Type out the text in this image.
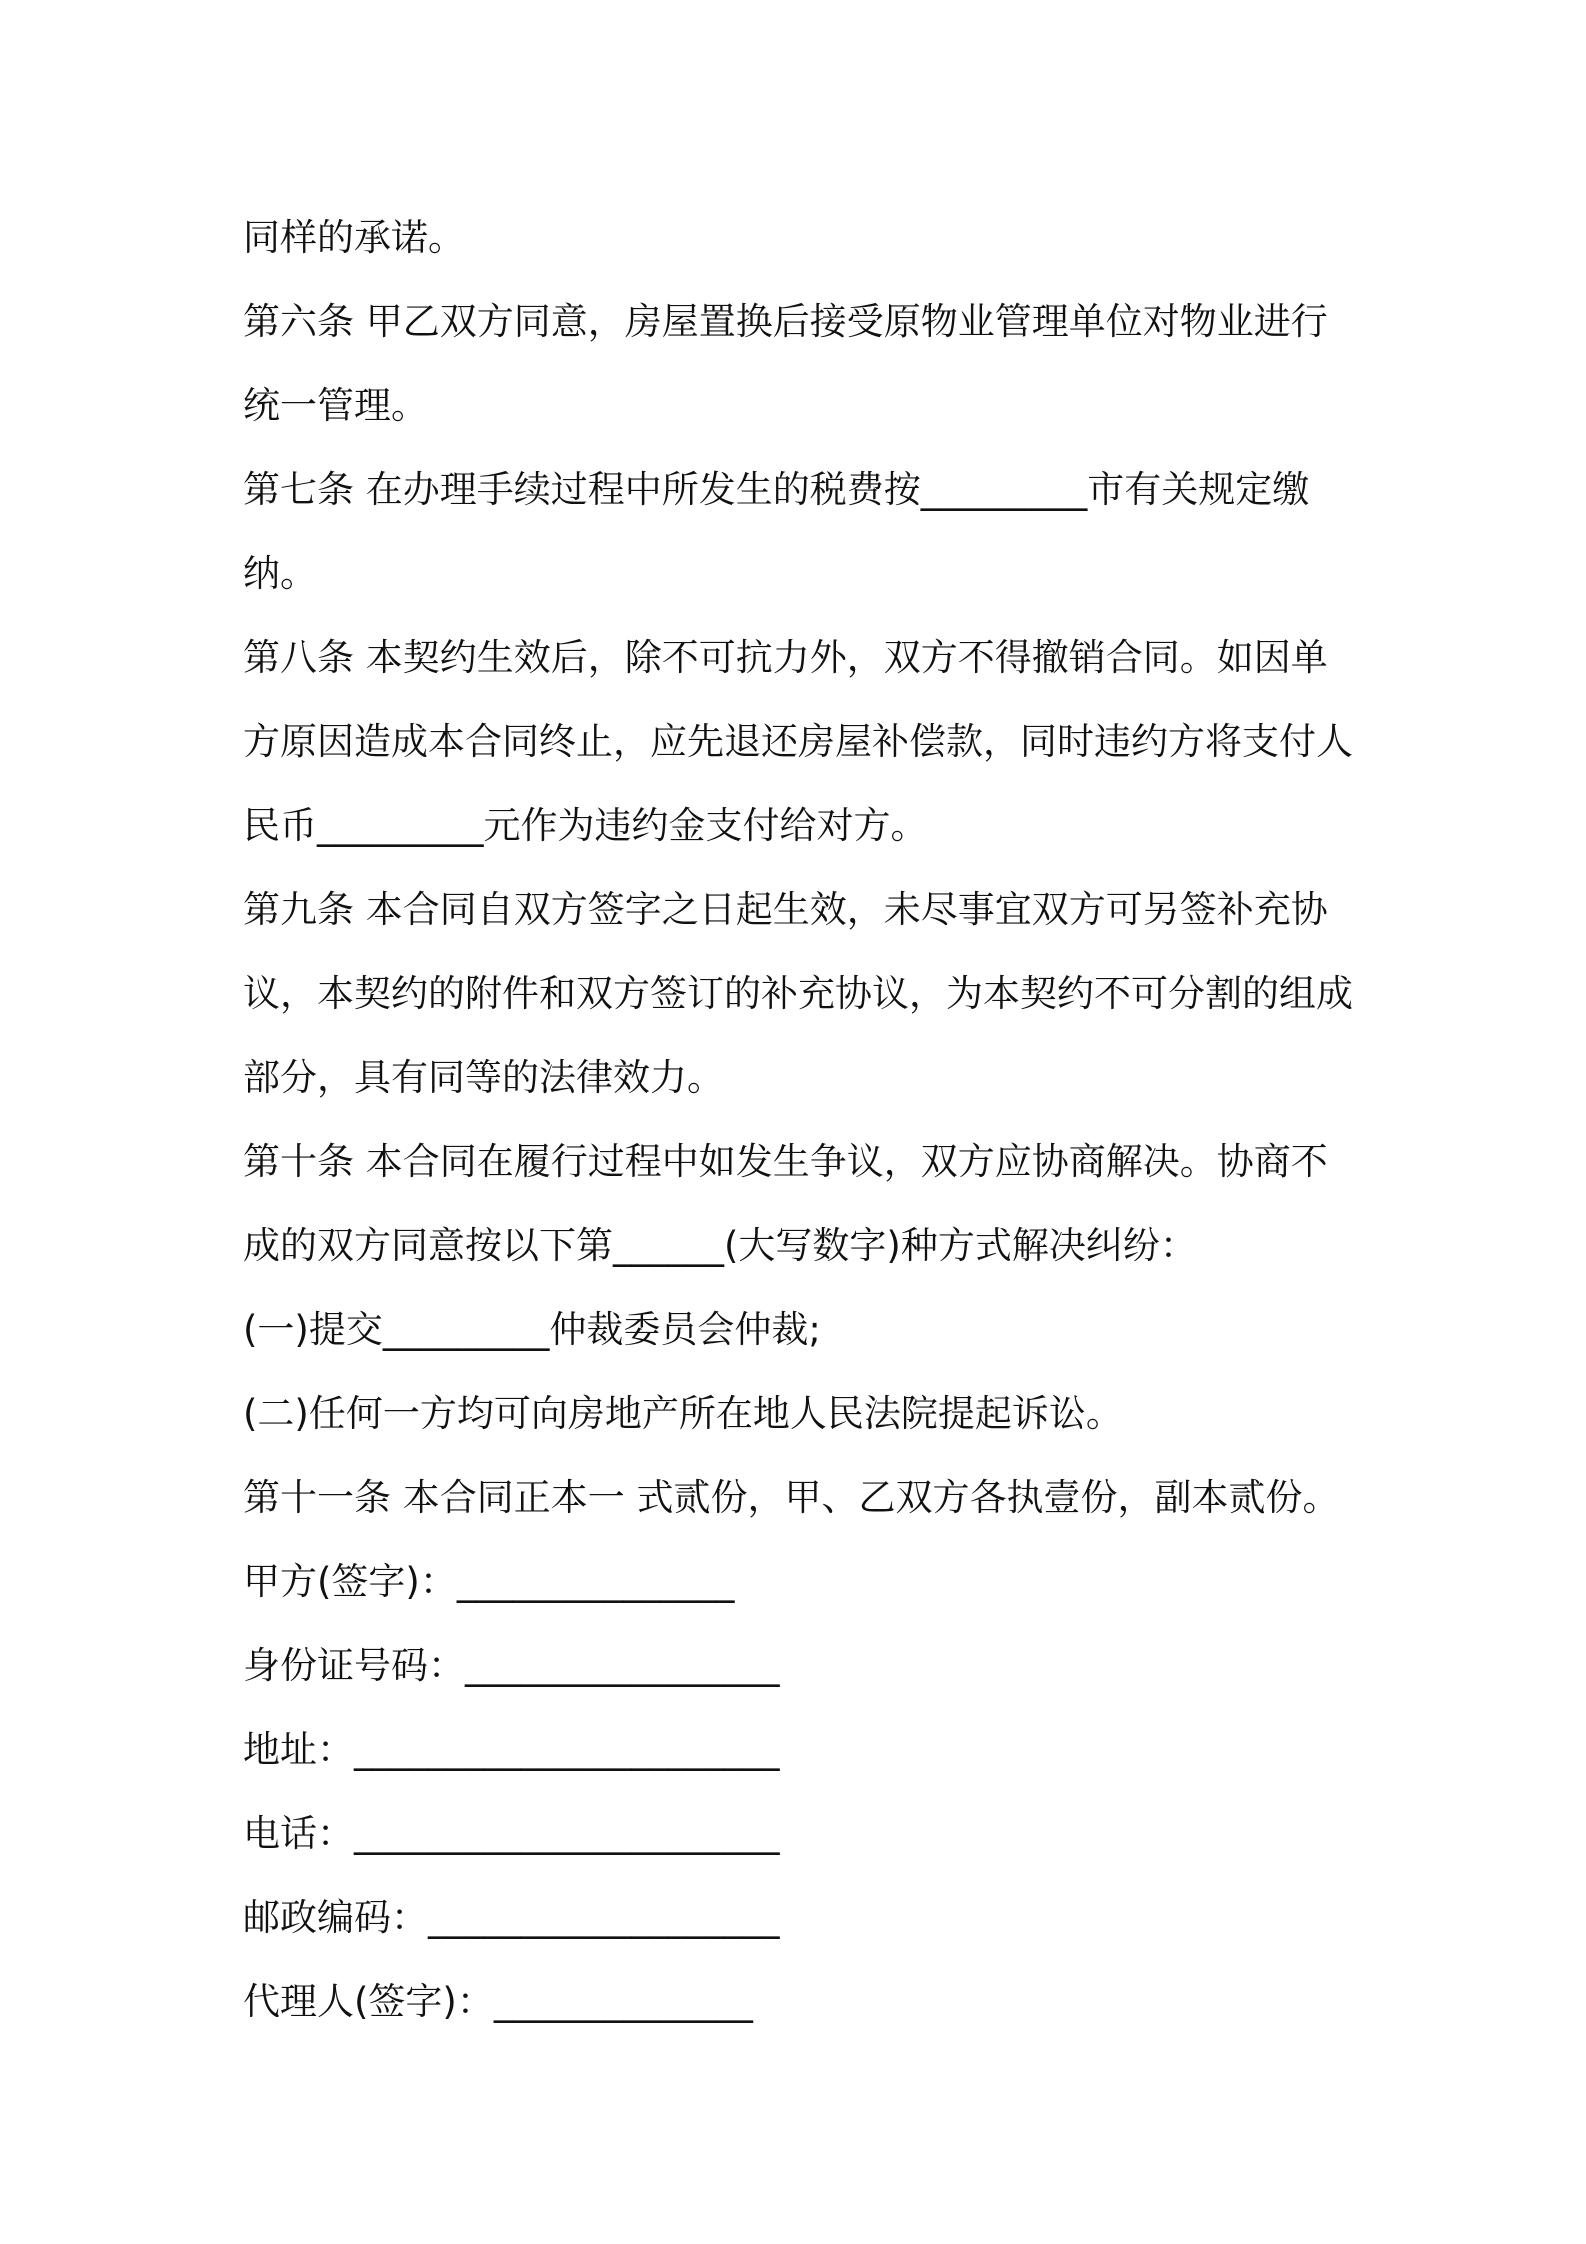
同样的承诺。
第六条 甲乙双方同意，房屋置换后接受原物业管理单位对物业进行
统一管理。
第七条 在办理手续过程中所发生的税费按_________市有关规定缴
纳。
第八条 本契约生效后，除不可抗力外，双方不得撤销合同。如因单
方原因造成本合同终止，应先退还房屋补偿款，同时违约方将支付人
民币_________元作为违约金支付给对方。
第九条 本合同自双方签字之日起生效，未尽事宜双方可另签补充协
议，本契约的附件和双方签订的补充协议，为本契约不可分割的组成
部分，具有同等的法律效力。
第十条 本合同在履行过程中如发生争议，双方应协商解决。协商不
成的双方同意按以下第______(大写数字)种方式解决纠纷：
(一)提交_________仲裁委员会仲裁;
(二)任何一方均可向房地产所在地人民法院提起诉讼。
第十一条 本合同正本一 式贰份，甲、乙双方各执壹份，副本贰份。
甲方(签字)：_______________
身份证号码：_________________
地址：_______________________
电话：_______________________
邮政编码：___________________
代理人(签字)：______________
